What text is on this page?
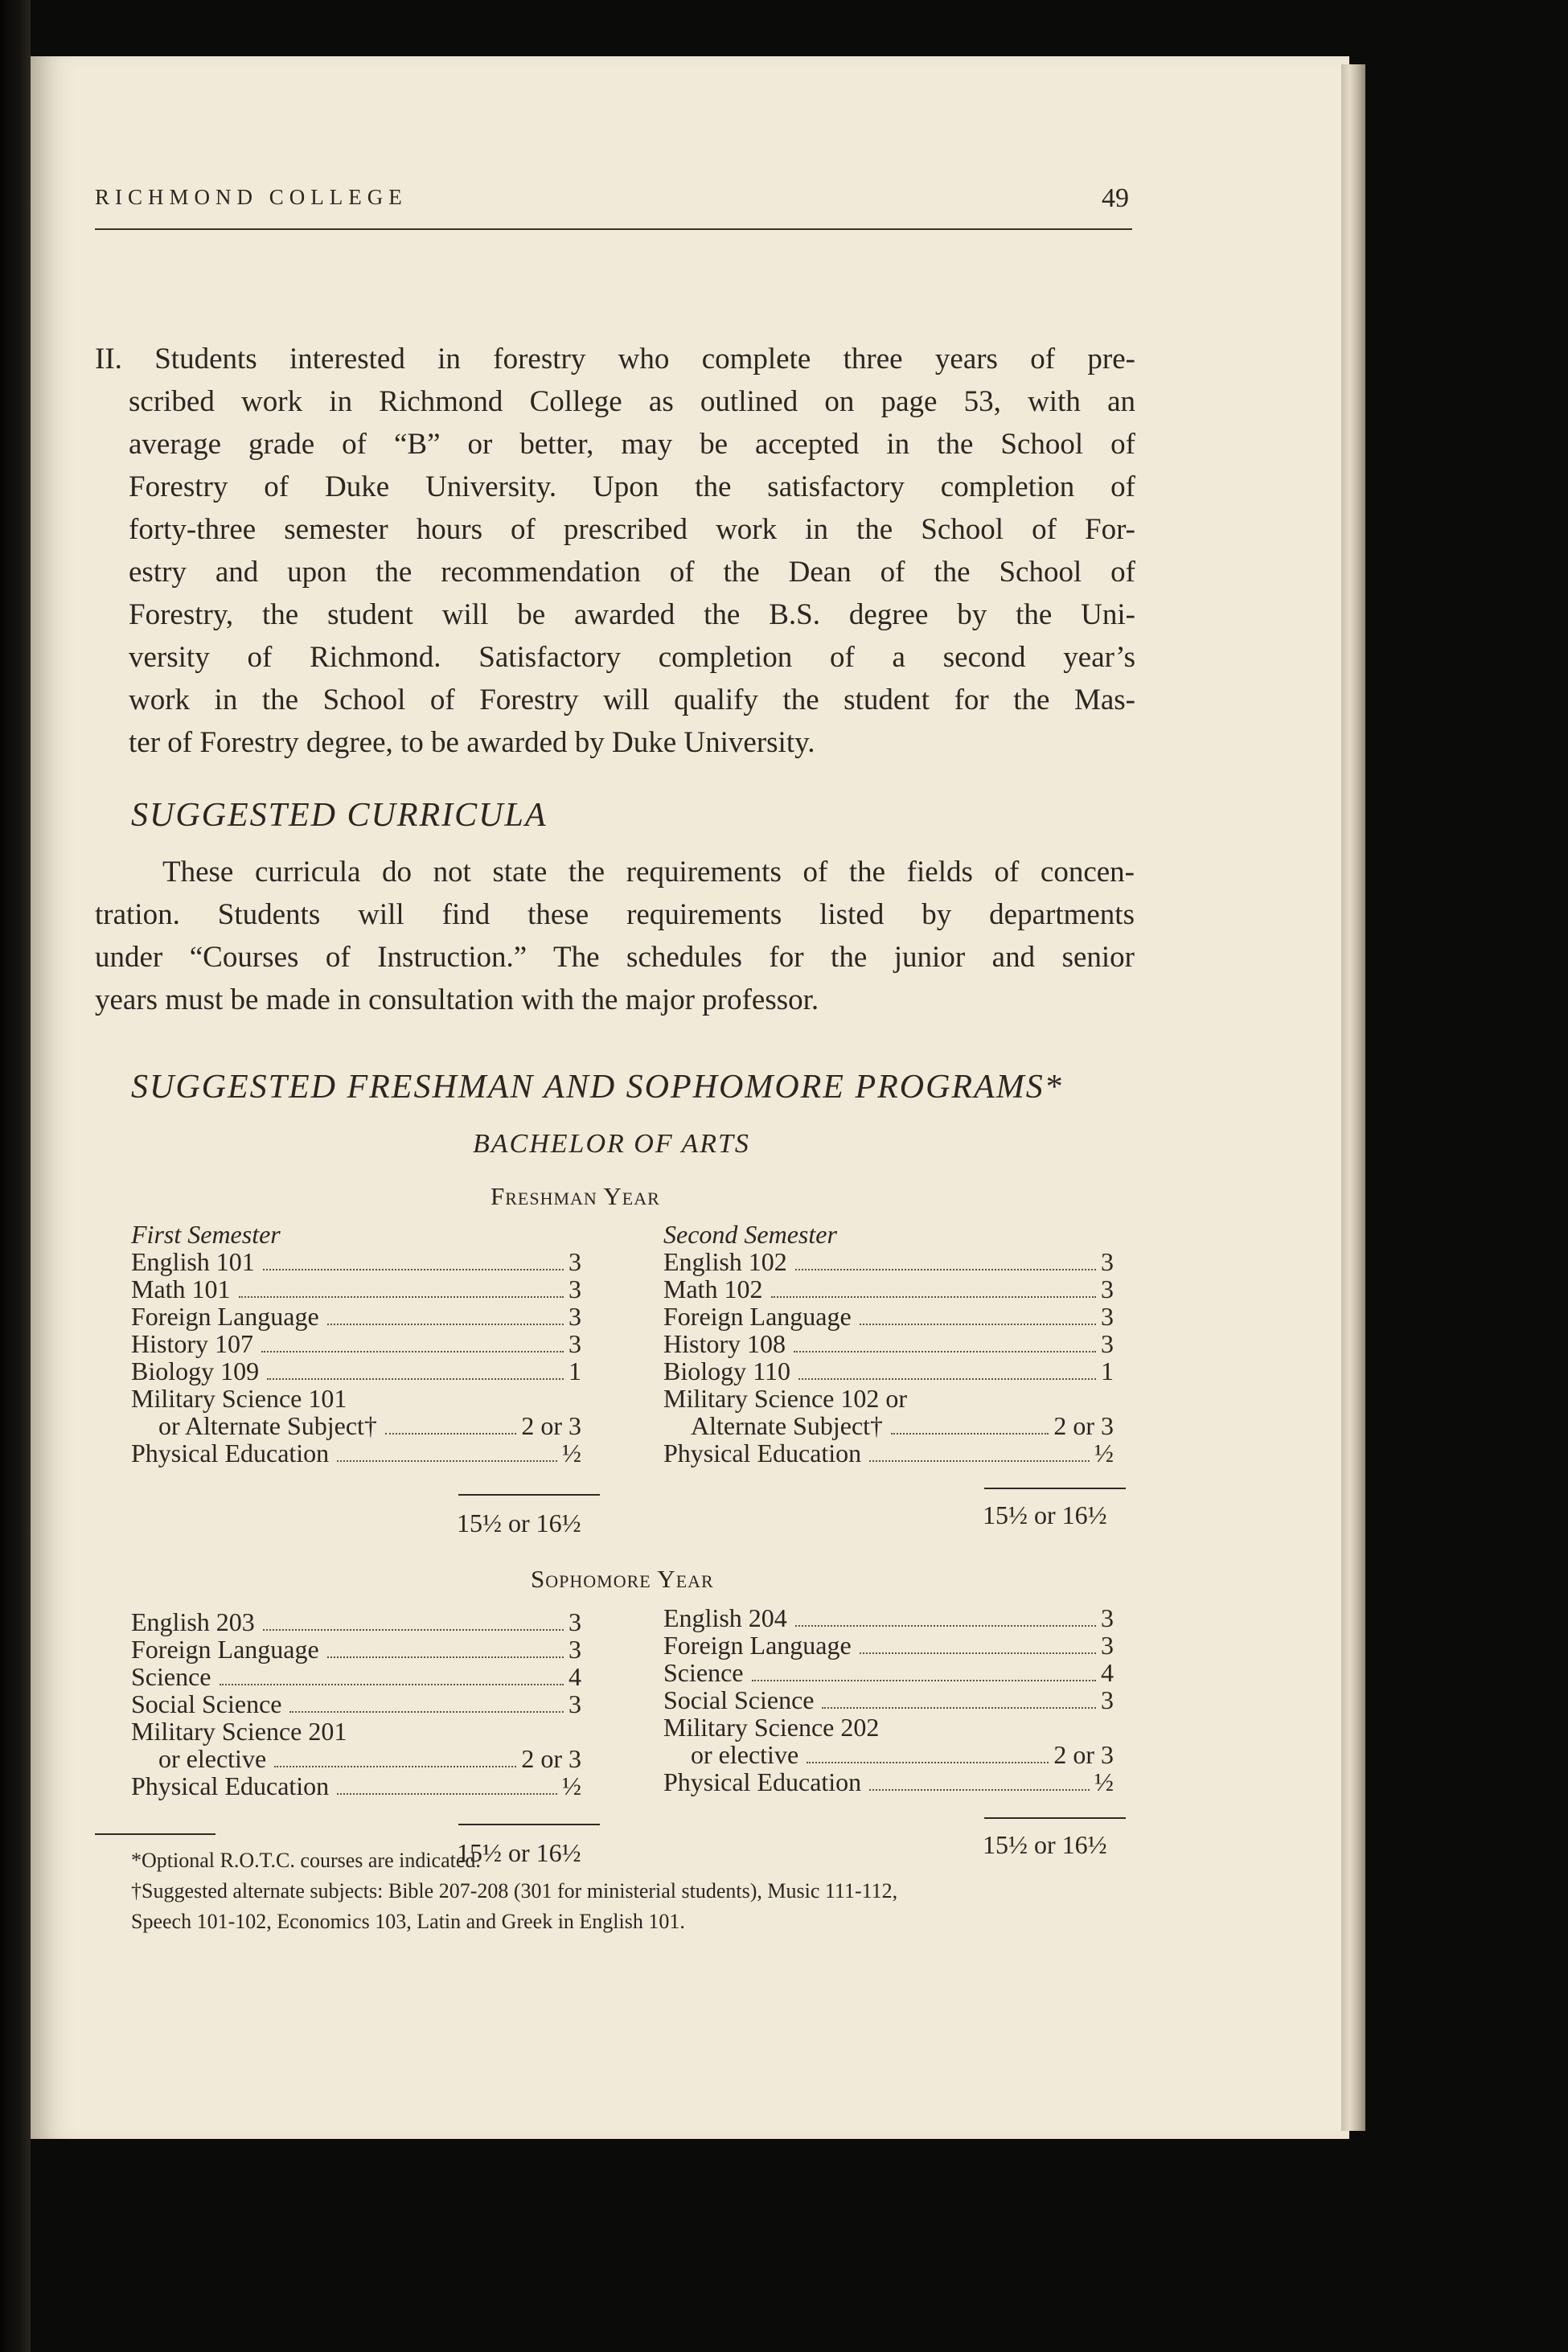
RICHMOND COLLEGE	49
II. Students interested in forestry who complete three years of pre-
scribed work in Richmond College as outlined on page 53, with an
average grade of “B” or better, may be accepted in the School of
Forestry of Duke University. Upon the satisfactory completion of
forty-three semester hours of prescribed work in the School of For-
estry and upon the recommendation of the Dean of the School of
Forestry, the student will be awarded the B.S. degree by the Uni-
versity of Richmond. Satisfactory completion of a second year’s
work in the School of Forestry will qualify the student for the Mas-
ter of Forestry degree, to be awarded by Duke University.
SUGGESTED CURRICULA
These curricula do not state the requirements of the fields of concen-
tration. Students will find these requirements listed by departments
under “Courses of Instruction.” The schedules for the junior and senior
years must be made in consultation with the major professor.
SUGGESTED FRESHMAN AND SOPHOMORE PROGRAMS*
BACHELOR OF ARTS
Freshman Year
First Semester
English 101	3
Math 101	3
Foreign Language	3
History 107	3
Biology 109	1
Military Science 101
or Alternate Subject†	2 or 3
Physical Education	½
15½ or 16½
Second Semester
English 102	3
Math 102	3
Foreign Language	3
History 108	3
Biology 110	1
Military Science 102 or
Alternate Subject†	2 or 3
Physical Education	½
15½ or 16½
Sophomore Year
English 203	3
Foreign Language	3
Science	4
Social Science	3
Military Science 201
or elective	2 or 3
Physical Education	½
15½ or 16½
English 204	3
Foreign Language	3
Science	4
Social Science	3
Military Science 202
or elective	2 or 3
Physical Education	½
15½ or 16½
*Optional R.O.T.C. courses are indicated.
†Suggested alternate subjects: Bible 207-208 (301 for ministerial students), Music 111-112,
Speech 101-102, Economics 103, Latin and Greek in English 101.
